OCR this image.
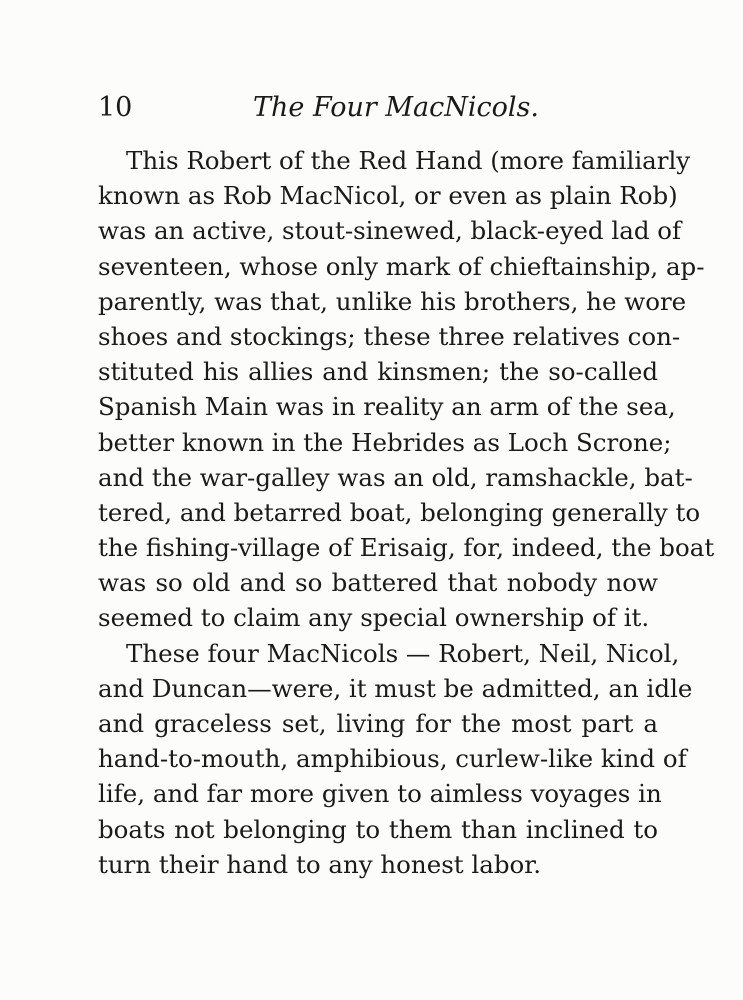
10	The Four MacNicols.
This Robert of the Red Hand (more familiarly
known as Rob MacNicol, or even as plain Rob)
was an active, stout-sinewed, black-eyed lad of
seventeen, whose only mark of chieftainship, ap-
parently, was that, unlike his brothers, he wore
shoes and stockings; these three relatives con-
stituted his allies and kinsmen; the so-called
Spanish Main was in reality an arm of the sea,
better known in the Hebrides as Loch Scrone;
and the war-galley was an old, ramshackle, bat-
tered, and betarred boat, belonging generally to
the fishing-village of Erisaig, for, indeed, the boat
was so old and so battered that nobody now
seemed to claim any special ownership of it.
These four MacNicols — Robert, Neil, Nicol,
and Duncan—were, it must be admitted, an idle
and graceless set, living for the most part a
hand-to-mouth, amphibious, curlew-like kind of
life, and far more given to aimless voyages in
boats not belonging to them than inclined to
turn their hand to any honest labor.
